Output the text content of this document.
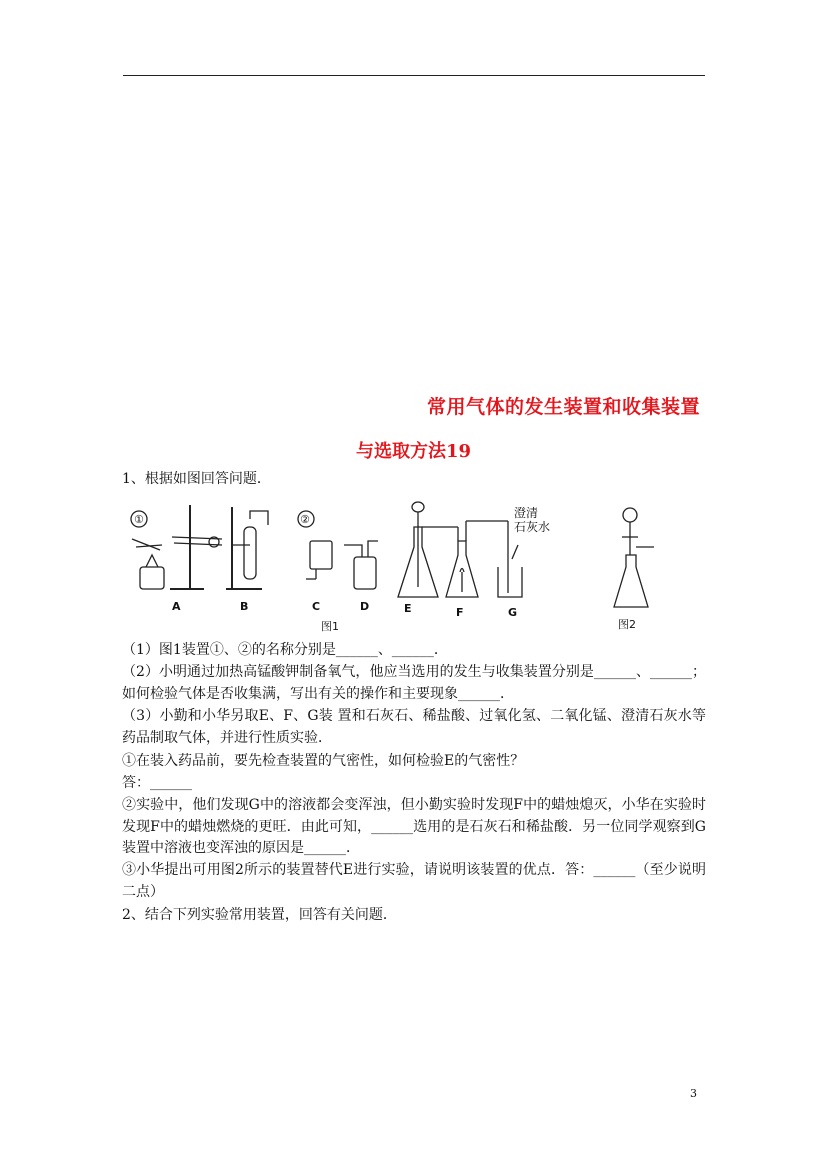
常用气体的发生装置和收集装置
与选取方法19
1、根据如图回答问题．
①	②
A	B	C	D	E	F	G
图1	图2
澄清
石灰水
（1）图1装置①、②的名称分别是______、______．
（2）小明通过加热高锰酸钾制备氧气，他应当选用的发生与收集装置分别是______、______；如何检验气体是否收集满，写出有关的操作和主要现象______．
（3）小勤和小华另取E、F、G装 置和石灰石、稀盐酸、过氧化氢、二氧化锰、澄清石灰水等药品制取气体，并进行性质实验．
①在装入药品前，要先检查装置的气密性，如何检验E的气密性？
答：______
②实验中，他们发现G中的溶液都会变浑浊，但小勤实验时发现F中的蜡烛熄灭，小华在实验时发现F中的蜡烛燃烧的更旺．由此可知，______选用的是石灰石和稀盐酸．另一位同学观察到G装置中溶液也变浑浊的原因是______．
③小华提出可用图2所示的装置替代E进行实验，请说明该装置的优点．答：______（至少说明二点）
2、结合下列实验常用装置，回答有关问题．
3
